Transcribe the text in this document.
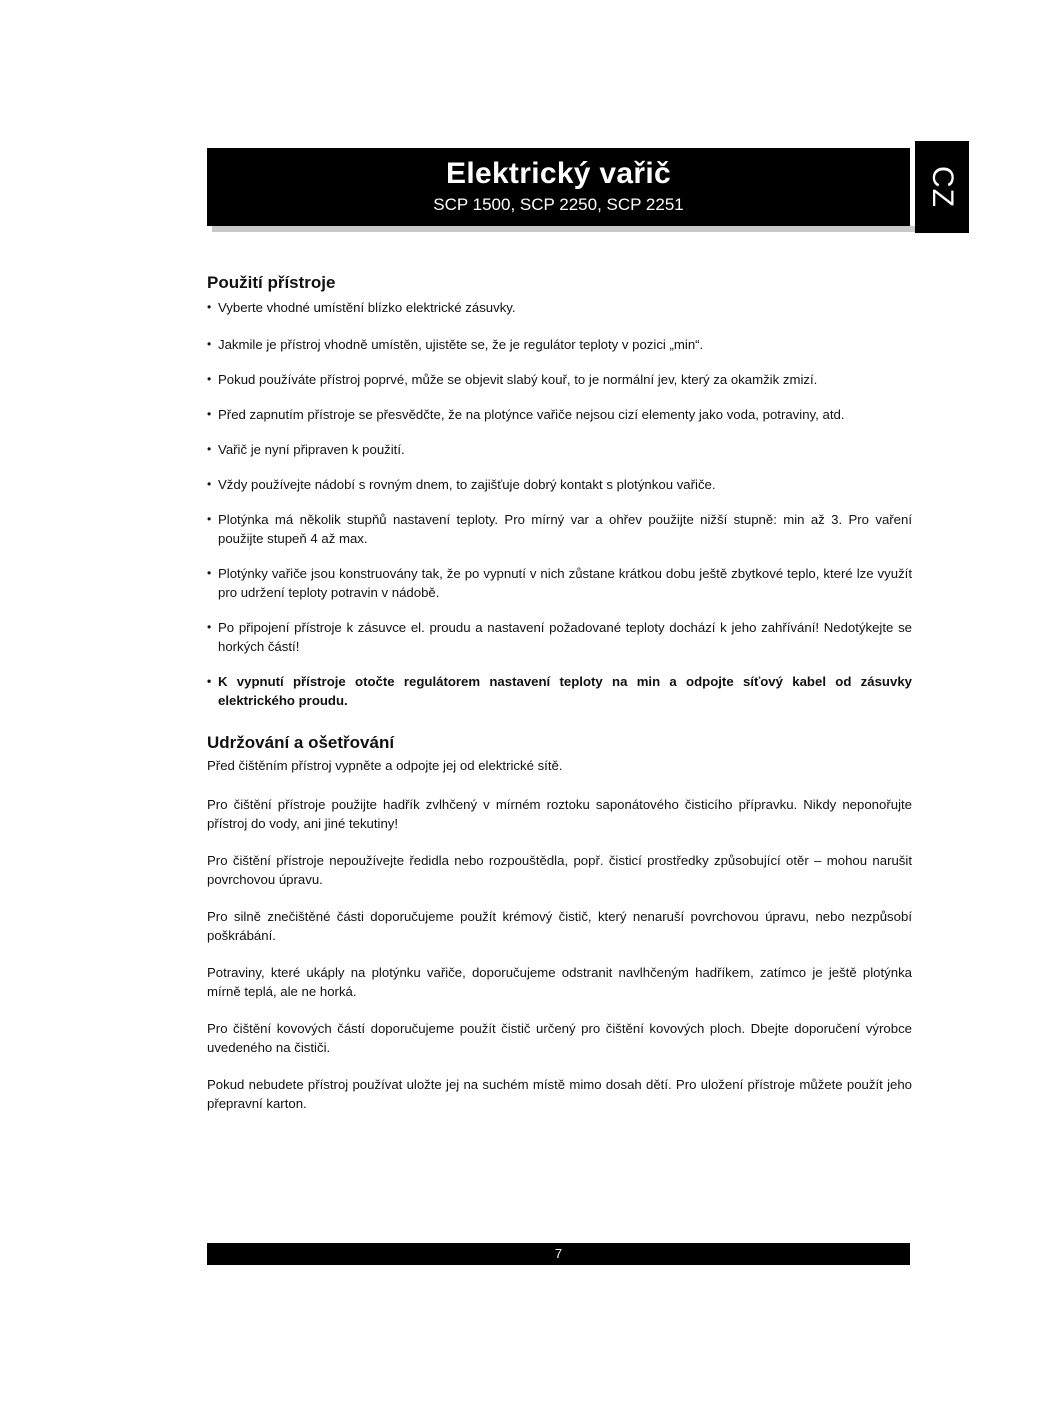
Elektrický vařič
SCP 1500, SCP 2250, SCP 2251	CZ
Použití přístroje
• Vyberte vhodné umístění blízko elektrické zásuvky.
• Jakmile je přístroj vhodně umístěn, ujistěte se, že je regulátor teploty v pozici „min“.
• Pokud používáte přístroj poprvé, může se objevit slabý kouř, to je normální jev, který za okamžik zmizí.
• Před zapnutím přístroje se přesvědčte, že na plotýnce vařiče nejsou cizí elementy jako voda, potraviny, atd.
• Vařič je nyní připraven k použití.
• Vždy používejte nádobí s rovným dnem, to zajišťuje dobrý kontakt s plotýnkou vařiče.
• Plotýnka má několik stupňů nastavení teploty. Pro mírný var a ohřev použijte nižší stupně: min až 3. Pro vaření použijte stupeň 4 až max.
• Plotýnky vařiče jsou konstruovány tak, že po vypnutí v nich zůstane krátkou dobu ještě zbytkové teplo, které lze využít pro udržení teploty potravin v nádobě.
• Po připojení přístroje k zásuvce el. proudu a nastavení požadované teploty dochází k jeho zahřívání! Nedotýkejte se horkých částí!
• K vypnutí přístroje otočte regulátorem nastavení teploty na min a odpojte síťový kabel od zásuvky elektrického proudu.
Udržování a ošetřování

Před čištěním přístroj vypněte a odpojte jej od elektrické sítě.

Pro čištění přístroje použijte hadřík zvlhčený v mírném roztoku saponátového čisticího přípravku. Nikdy neponořujte přístroj do vody, ani jiné tekutiny!

Pro čištění přístroje nepoužívejte ředidla nebo rozpouštědla, popř. čisticí prostředky způsobující otěr – mohou narušit povrchovou úpravu.

Pro silně znečištěné části doporučujeme použít krémový čistič, který nenaruší povrchovou úpravu, nebo nezpůsobí poškrábání.

Potraviny, které ukáply na plotýnku vařiče, doporučujeme odstranit navlhčeným hadříkem, zatímco je ještě plotýnka mírně teplá, ale ne horká.

Pro čištění kovových částí doporučujeme použít čistič určený pro čištění kovových ploch. Dbejte doporučení výrobce uvedeného na čističi.

Pokud nebudete přístroj používat uložte jej na suchém místě mimo dosah dětí. Pro uložení přístroje můžete použít jeho přepravní karton.

7
